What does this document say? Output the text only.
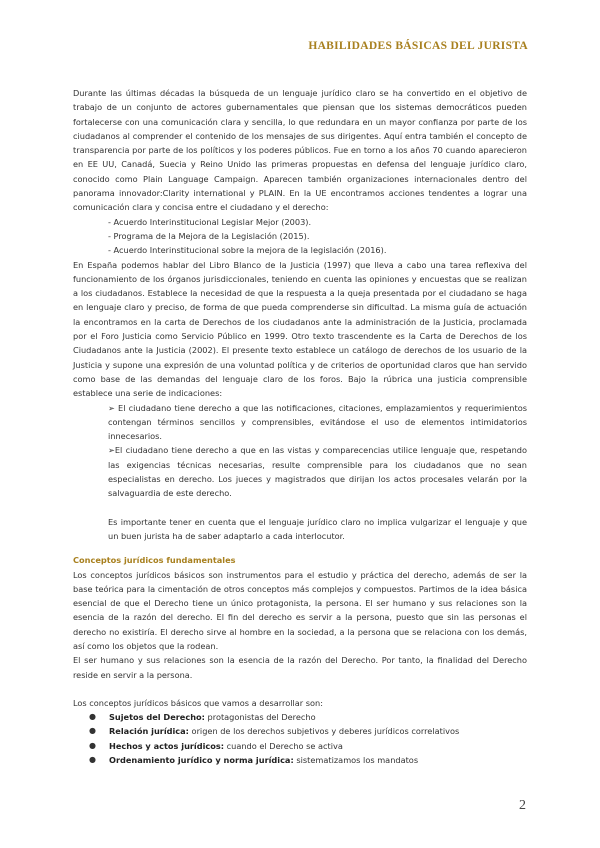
HABILIDADES BÁSICAS DEL JURISTA

Durante las últimas décadas la búsqueda de un lenguaje jurídico claro se ha convertido en el objetivo de trabajo de un conjunto de actores gubernamentales que piensan que los sistemas democráticos pueden fortalecerse con una comunicación clara y sencilla, lo que redundara en un mayor confianza por parte de los ciudadanos al comprender el contenido de los mensajes de sus dirigentes. Aquí entra también el concepto de transparencia por parte de los políticos y los poderes públicos. Fue en torno a los años 70 cuando aparecieron en EE UU, Canadá, Suecia y Reino Unido las primeras propuestas en defensa del lenguaje jurídico claro, conocido como Plain Language Campaign. Aparecen también organizaciones internacionales dentro del panorama innovador:Clarity international y PLAIN. En la UE encontramos acciones tendentes a lograr una comunicación clara y concisa entre el ciudadano y el derecho:

- Acuerdo Interinstitucional Legislar Mejor (2003).

- Programa de la Mejora de la Legislación (2015).

- Acuerdo Interinstitucional sobre la mejora de la legislación (2016).

En España podemos hablar del Libro Blanco de la Justicia (1997) que lleva a cabo una tarea reflexiva del funcionamiento de los órganos jurisdiccionales, teniendo en cuenta las opiniones y encuestas que se realizan a los ciudadanos. Establece la necesidad de que la respuesta a la queja presentada por el ciudadano se haga en lenguaje claro y preciso, de forma de que pueda comprenderse sin dificultad. La misma guía de actuación la encontramos en la carta de Derechos de los ciudadanos ante la administración de la Justicia, proclamada por el Foro Justicia como Servicio Público en 1999. Otro texto trascendente es la Carta de Derechos de los Ciudadanos ante la Justicia (2002). El presente texto establece un catálogo de derechos de los usuario de la Justicia y supone una expresión de una voluntad política y de criterios de oportunidad claros que han servido como base de las demandas del lenguaje claro de los foros. Bajo la rúbrica una justicia comprensible establece una serie de indicaciones:

➢ El ciudadano tiene derecho a que las notificaciones, citaciones, emplazamientos y requerimientos contengan términos sencillos y comprensibles, evitándose el uso de elementos intimidatorios innecesarios.

➢El ciudadano tiene derecho a que en las vistas y comparecencias utilice lenguaje que, respetando las exigencias técnicas necesarias, resulte comprensible para los ciudadanos que no sean especialistas en derecho. Los jueces y magistrados que dirijan los actos procesales velarán por la salvaguardia de este derecho.

Es importante tener en cuenta que el lenguaje jurídico claro no implica vulgarizar el lenguaje y que un buen jurista ha de saber adaptarlo a cada interlocutor.

Conceptos jurídicos fundamentales

Los conceptos jurídicos básicos son instrumentos para el estudio y práctica del derecho, además de ser la base teórica para la cimentación de otros conceptos más complejos y compuestos. Partimos de la idea básica esencial de que el Derecho tiene un único protagonista, la persona. El ser humano y sus relaciones son la esencia de la razón del derecho. El fin del derecho es servir a la persona, puesto que sin las personas el derecho no existiría. El derecho sirve al hombre en la sociedad, a la persona que se relaciona con los demás, así como los objetos que la rodean.

El ser humano y sus relaciones son la esencia de la razón del Derecho. Por tanto, la finalidad del Derecho reside en servir a la persona.

Los conceptos jurídicos básicos que vamos a desarrollar son:

● Sujetos del Derecho: protagonistas del Derecho
● Relación jurídica: origen de los derechos subjetivos y deberes jurídicos correlativos
● Hechos y actos jurídicos: cuando el Derecho se activa
● Ordenamiento jurídico y norma jurídica: sistematizamos los mandatos
2
